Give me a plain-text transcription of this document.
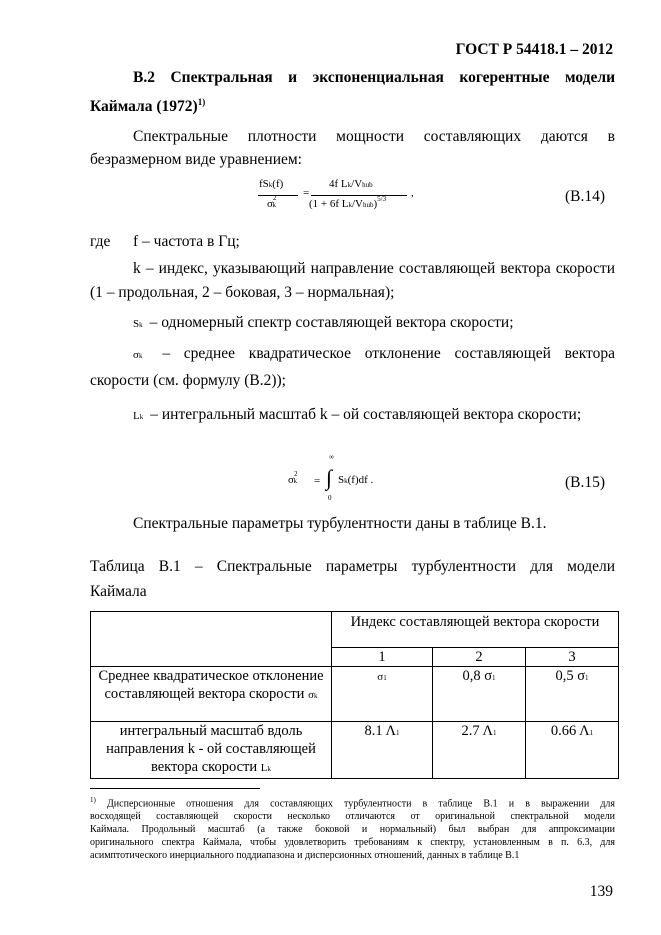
ГОСТ Р 54418.1 – 2012
В.2 Спектральная и экспоненциальная когерентные модели
Каймала $(1972)^{1)}$
Спектральные плотности мощности составляющих даются в
безразмерном виде уравнением:
fSk(f)
$\sigma^2k$
=
4f Lk/Vhub
(1 + 6f Lk/Vhub)$^{5/3}$ ,	(В.14)
где f – частота в Гц;
k – индекс, указывающий направление составляющей вектора скорости
(1 – продольная, 2 – боковая, 3 – нормальная);
Sk – одномерный спектр составляющей вектора скорости;
σk – среднее квадратическое отклонение составляющей вектора
скорости (см. формулу (В.2));
Lk – интегральный масштаб k – ой составляющей вектора скорости;
$\sigma^2k$ =
∞
∫
0
Sk(f)df .	(В.15)
Спектральные параметры турбулентности даны в таблице В.1.
Таблица В.1 – Спектральные параметры турбулентности для модели
Каймала
	Индекс составляющей вектора скорости		
	1	2	3
Среднее квадратическое отклонение составляющей вектора скорости σk	σ1	0,8 σ1	0,5 σ1
интегральный масштаб вдоль направления k - ой составляющей вектора скорости Lk	8.1 Λ1	2.7 Λ1	0.66 Λ1
$^{1)}$ Дисперсионные отношения для составляющих турбулентности в таблице В.1 и в выражении для
восходящей составляющей скорости несколько отличаются от оригинальной спектральной модели
Каймала. Продольный масштаб (а также боковой и нормальный) был выбран для аппроксимации
оригинального спектра Каймала, чтобы удовлетворить требованиям к спектру, установленным в п. 6.3, для
асимптотического инерциального поддиапазона и дисперсионных отношений, данных в таблице В.1
139
